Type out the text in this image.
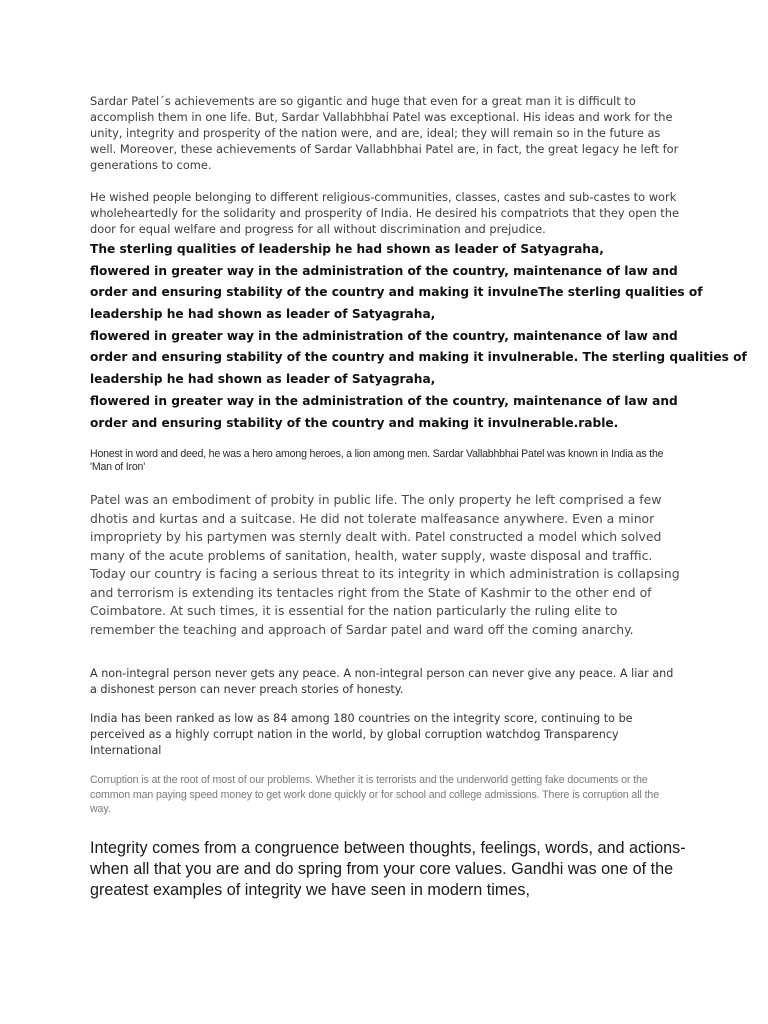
Sardar Patel´s achievements are so gigantic and huge that even for a great man it is difficult to accomplish them in one life. But, Sardar Vallabhbhai Patel was exceptional. His ideas and work for the unity, integrity and prosperity of the nation were, and are, ideal; they will remain so in the future as well. Moreover, these achievements of Sardar Vallabhbhai Patel are, in fact, the great legacy he left for generations to come.

He wished people belonging to different religious-communities, classes, castes and sub-castes to work wholeheartedly for the solidarity and prosperity of India. He desired his compatriots that they open the door for equal welfare and progress for all without discrimination and prejudice.

The sterling qualities of leadership he had shown as leader of Satyagraha,
flowered in greater way in the administration of the country, maintenance of law and
order and ensuring stability of the country and making it invulneThe sterling qualities of
leadership he had shown as leader of Satyagraha,
flowered in greater way in the administration of the country, maintenance of law and
order and ensuring stability of the country and making it invulnerable. The sterling qualities of
leadership he had shown as leader of Satyagraha,
flowered in greater way in the administration of the country, maintenance of law and
order and ensuring stability of the country and making it invulnerable.rable.

Honest in word and deed, he was a hero among heroes, a lion among men. Sardar Vallabhbhai Patel was known in India as the 'Man of Iron'

Patel was an embodiment of probity in public life. The only property he left comprised a few dhotis and kurtas and a suitcase. He did not tolerate malfeasance anywhere. Even a minor impropriety by his partymen was sternly dealt with. Patel constructed a model which solved many of the acute problems of sanitation, health, water supply, waste disposal and traffic. Today our country is facing a serious threat to its integrity in which administration is collapsing and terrorism is extending its tentacles right from the State of Kashmir to the other end of Coimbatore. At such times, it is essential for the nation particularly the ruling elite to remember the teaching and approach of Sardar patel and ward off the coming anarchy.

A non-integral person never gets any peace. A non-integral person can never give any peace. A liar and a dishonest person can never preach stories of honesty.

India has been ranked as low as 84 among 180 countries on the integrity score, continuing to be perceived as a highly corrupt nation in the world, by global corruption watchdog Transparency International

Corruption is at the root of most of our problems. Whether it is terrorists and the underworld getting fake documents or the common man paying speed money to get work done quickly or for school and college admissions. There is corruption all the way.

Integrity comes from a congruence between thoughts, feelings, words, and actions-when all that you are and do spring from your core values. Gandhi was one of the greatest examples of integrity we have seen in modern times,
